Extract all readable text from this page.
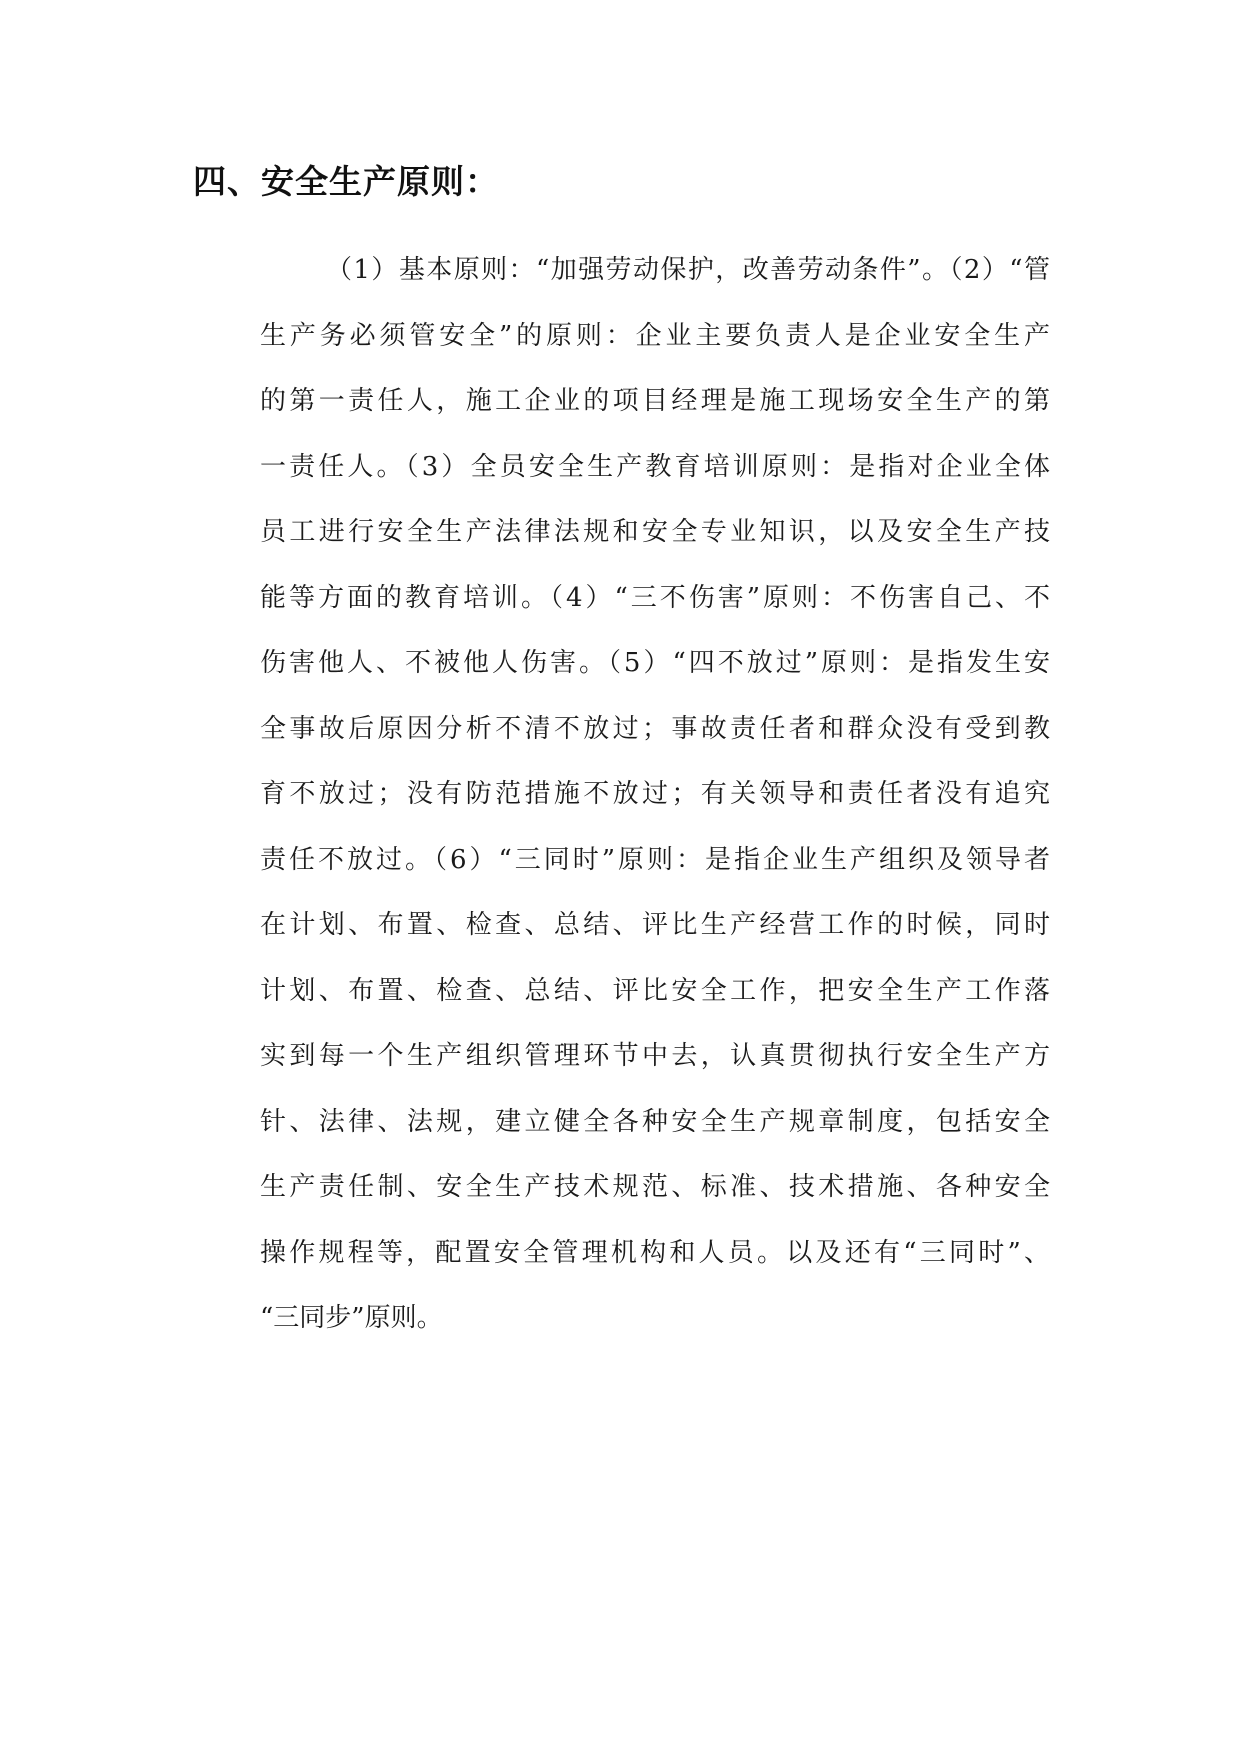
四、安全生产原则：
（1）基本原则：“加强劳动保护，改善劳动条件”。（2）“管
生产务必须管安全”的原则：企业主要负责人是企业安全生产
的第一责任人，施工企业的项目经理是施工现场安全生产的第
一责任人。（3）全员安全生产教育培训原则：是指对企业全体
员工进行安全生产法律法规和安全专业知识，以及安全生产技
能等方面的教育培训。（4）“三不伤害”原则：不伤害自己、不
伤害他人、不被他人伤害。（5）“四不放过”原则：是指发生安
全事故后原因分析不清不放过；事故责任者和群众没有受到教
育不放过；没有防范措施不放过；有关领导和责任者没有追究
责任不放过。（6）“三同时”原则：是指企业生产组织及领导者
在计划、布置、检查、总结、评比生产经营工作的时候，同时
计划、布置、检查、总结、评比安全工作，把安全生产工作落
实到每一个生产组织管理环节中去，认真贯彻执行安全生产方
针、法律、法规，建立健全各种安全生产规章制度，包括安全
生产责任制、安全生产技术规范、标准、技术措施、各种安全
操作规程等，配置安全管理机构和人员。以及还有“三同时”、
“三同步”原则。
